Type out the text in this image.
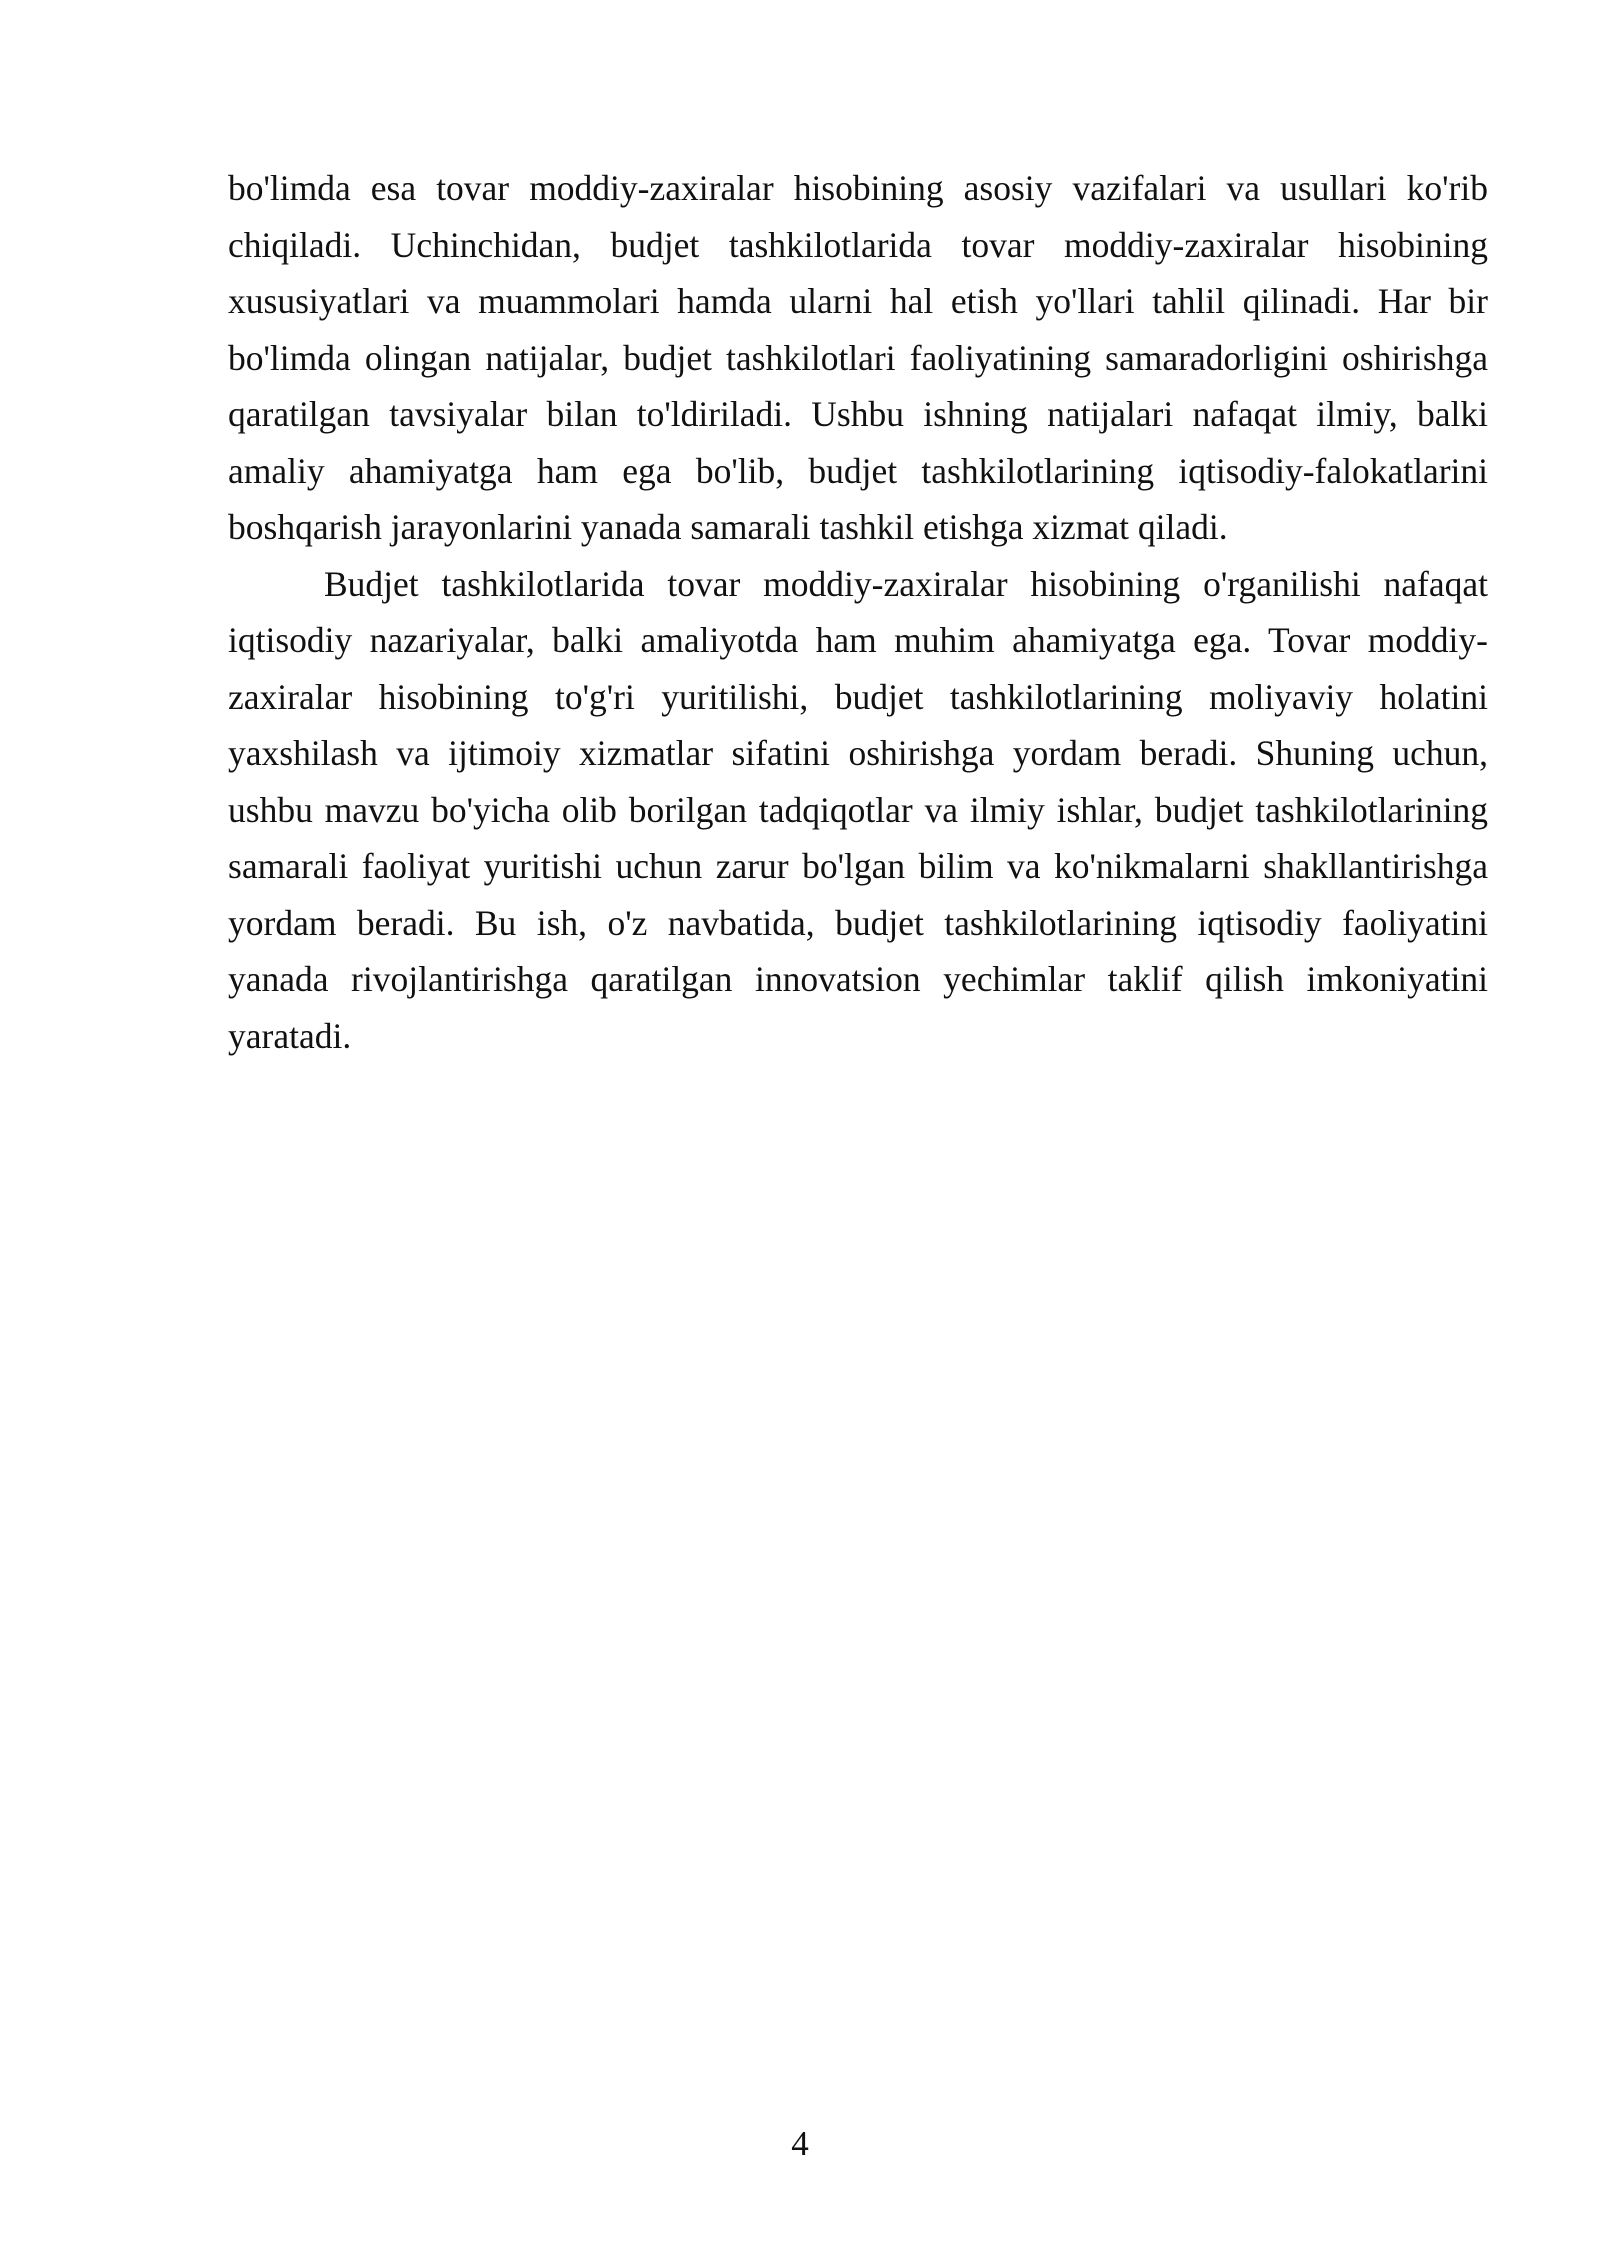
bo'limda esa tovar moddiy-zaxiralar hisobining asosiy vazifalari va usullari ko'rib chiqiladi. Uchinchidan, budjet tashkilotlarida tovar moddiy-zaxiralar hisobining xususiyatlari va muammolari hamda ularni hal etish yo'llari tahlil qilinadi. Har bir bo'limda olingan natijalar, budjet tashkilotlari faoliyatining samaradorligini oshirishga qaratilgan tavsiyalar bilan to'ldiriladi. Ushbu ishning natijalari nafaqat ilmiy, balki amaliy ahamiyatga ham ega bo'lib, budjet tashkilotlarining iqtisodiy-falokatlarini boshqarish jarayonlarini yanada samarali tashkil etishga xizmat qiladi.

Budjet tashkilotlarida tovar moddiy-zaxiralar hisobining o'rganilishi nafaqat iqtisodiy nazariyalar, balki amaliyotda ham muhim ahamiyatga ega. Tovar moddiy-zaxiralar hisobining to'g'ri yuritilishi, budjet tashkilotlarining moliyaviy holatini yaxshilash va ijtimoiy xizmatlar sifatini oshirishga yordam beradi. Shuning uchun, ushbu mavzu bo'yicha olib borilgan tadqiqotlar va ilmiy ishlar, budjet tashkilotlarining samarali faoliyat yuritishi uchun zarur bo'lgan bilim va ko'nikmalarni shakllantirishga yordam beradi. Bu ish, o'z navbatida, budjet tashkilotlarining iqtisodiy faoliyatini yanada rivojlantirishga qaratilgan innovatsion yechimlar taklif qilish imkoniyatini yaratadi.

4
